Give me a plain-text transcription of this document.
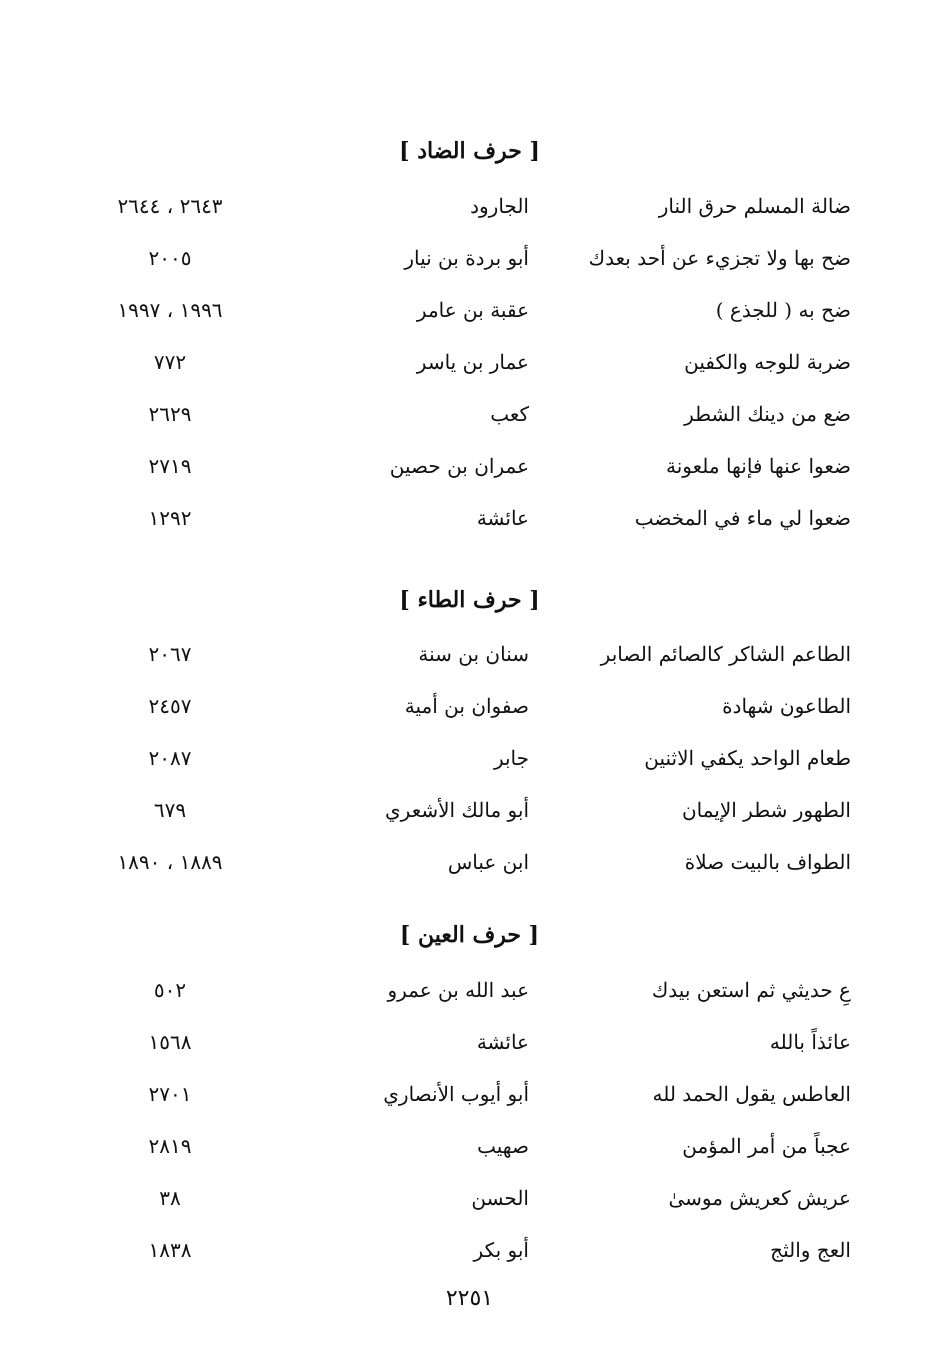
[ حرف الضاد ]
ضالة المسلم حرق النار
الجارود
٢٦٤٣ ، ٢٦٤٤
ضح بها ولا تجزيء عن أحد بعدك
أبو بردة بن نيار
٢٠٠٥
ضح به ( للجذع )
عقبة بن عامر
١٩٩٦ ، ١٩٩٧
ضربة للوجه والكفين
عمار بن ياسر
٧٧٢
ضع من دينك الشطر
كعب
٢٦٢٩
ضعوا عنها فإنها ملعونة
عمران بن حصين
٢٧١٩
ضعوا لي ماء في المخضب
عائشة
١٢٩٢
[ حرف الطاء ]
الطاعم الشاكر كالصائم الصابر
سنان بن سنة
٢٠٦٧
الطاعون شهادة
صفوان بن أمية
٢٤٥٧
طعام الواحد يكفي الاثنين
جابر
٢٠٨٧
الطهور شطر الإيمان
أبو مالك الأشعري
٦٧٩
الطواف بالبيت صلاة
ابن عباس
١٨٨٩ ، ١٨٩٠
[ حرف العين ]
عِ حديثي ثم استعن بيدك
عبد الله بن عمرو
٥٠٢
عائذاً بالله
عائشة
١٥٦٨
العاطس يقول الحمد لله
أبو أيوب الأنصاري
٢٧٠١
عجباً من أمر المؤمن
صهيب
٢٨١٩
عريش كعريش موسىٰ
الحسن
٣٨
العج والثج
أبو بكر
١٨٣٨
٢٢٥١
